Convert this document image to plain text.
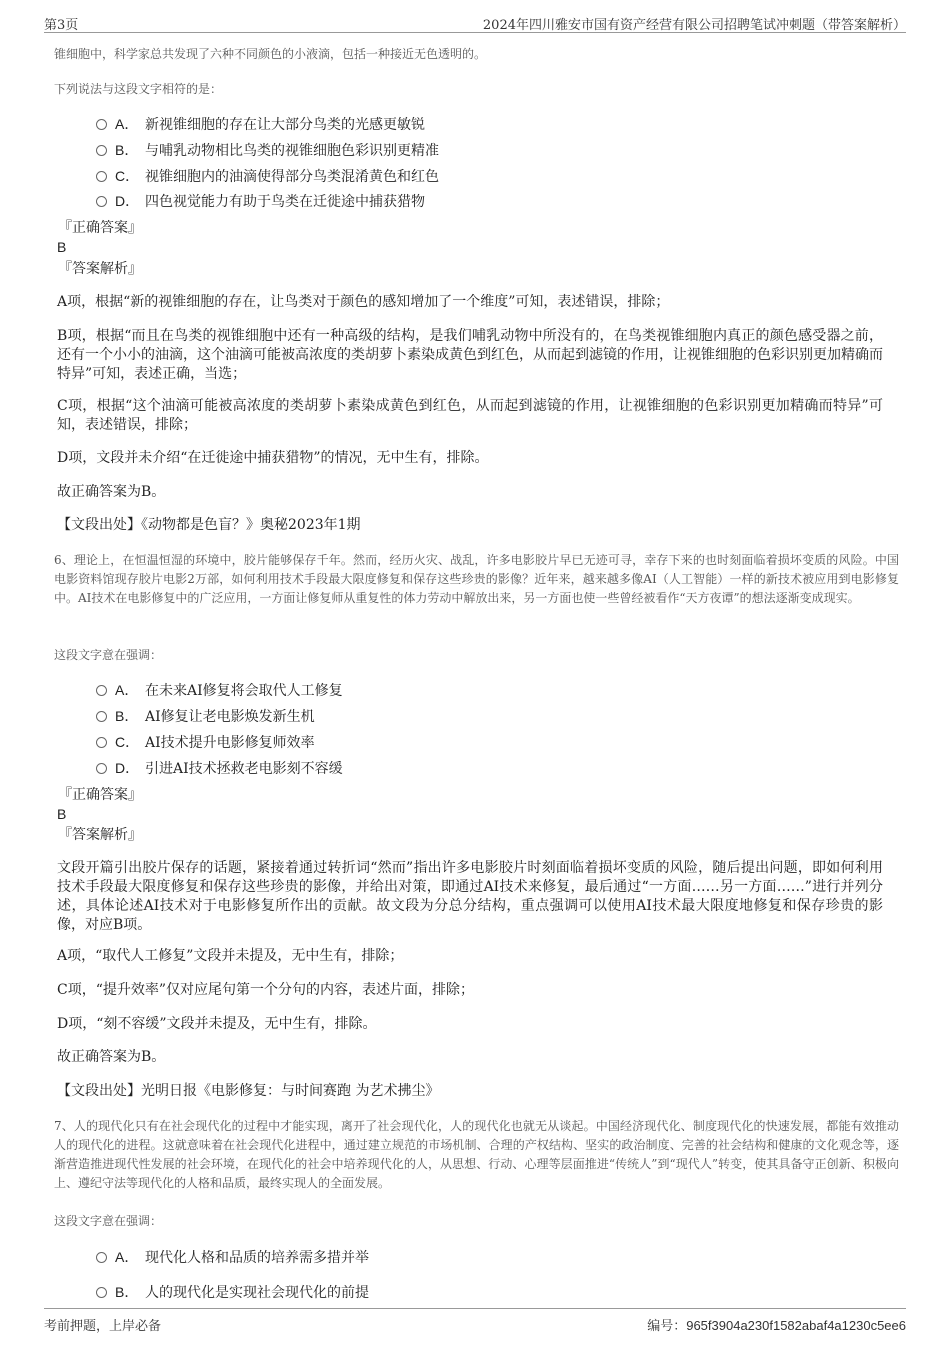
第3页	2024年四川雅安市国有资产经营有限公司招聘笔试冲刺题（带答案解析）
锥细胞中，科学家总共发现了六种不同颜色的小液滴，包括一种接近无色透明的。
下列说法与这段文字相符的是：
A． 新视锥细胞的存在让大部分鸟类的光感更敏锐
B． 与哺乳动物相比鸟类的视锥细胞色彩识别更精准
C． 视锥细胞内的油滴使得部分鸟类混淆黄色和红色
D． 四色视觉能力有助于鸟类在迁徙途中捕获猎物
『正确答案』
B
『答案解析』
A项，根据“新的视锥细胞的存在，让鸟类对于颜色的感知增加了一个维度”可知，表述错误，排除；
B项，根据“而且在鸟类的视锥细胞中还有一种高级的结构，是我们哺乳动物中所没有的，在鸟类视锥细胞内真正的颜色感受器之前，还有一个小小的油滴，这个油滴可能被高浓度的类胡萝卜素染成黄色到红色，从而起到滤镜的作用，让视锥细胞的色彩识别更加精确而特异”可知，表述正确，当选；
C项，根据“这个油滴可能被高浓度的类胡萝卜素染成黄色到红色，从而起到滤镜的作用，让视锥细胞的色彩识别更加精确而特异”可知，表述错误，排除；
D项，文段并未介绍“在迁徙途中捕获猎物”的情况，无中生有，排除。
故正确答案为B。
【文段出处】《动物都是色盲？》奥秘2023年1期
6、理论上，在恒温恒湿的环境中，胶片能够保存千年。然而，经历火灾、战乱，许多电影胶片早已无迹可寻，幸存下来的也时刻面临着损坏变质的风险。中国电影资料馆现存胶片电影2万部，如何利用技术手段最大限度修复和保存这些珍贵的影像？近年来，越来越多像AI（人工智能）一样的新技术被应用到电影修复中。AI技术在电影修复中的广泛应用，一方面让修复师从重复性的体力劳动中解放出来，另一方面也使一些曾经被看作“天方夜谭”的想法逐渐变成现实。
这段文字意在强调：
A． 在未来AI修复将会取代人工修复
B． AI修复让老电影焕发新生机
C． AI技术提升电影修复师效率
D． 引进AI技术拯救老电影刻不容缓
『正确答案』
B
『答案解析』
文段开篇引出胶片保存的话题，紧接着通过转折词“然而”指出许多电影胶片时刻面临着损坏变质的风险，随后提出问题，即如何利用技术手段最大限度修复和保存这些珍贵的影像，并给出对策，即通过AI技术来修复，最后通过“一方面……另一方面……”进行并列分述，具体论述AI技术对于电影修复所作出的贡献。故文段为分总分结构，重点强调可以使用AI技术最大限度地修复和保存珍贵的影像，对应B项。
A项，“取代人工修复”文段并未提及，无中生有，排除；
C项，“提升效率”仅对应尾句第一个分句的内容，表述片面，排除；
D项，“刻不容缓”文段并未提及，无中生有，排除。
故正确答案为B。
【文段出处】光明日报《电影修复：与时间赛跑 为艺术拂尘》
7、人的现代化只有在社会现代化的过程中才能实现，离开了社会现代化，人的现代化也就无从谈起。中国经济现代化、制度现代化的快速发展，都能有效推动人的现代化的进程。这就意味着在社会现代化进程中，通过建立规范的市场机制、合理的产权结构、坚实的政治制度、完善的社会结构和健康的文化观念等，逐渐营造推进现代性发展的社会环境，在现代化的社会中培养现代化的人，从思想、行动、心理等层面推进“传统人”到“现代人”转变，使其具备守正创新、积极向上、遵纪守法等现代化的人格和品质，最终实现人的全面发展。
这段文字意在强调：
A． 现代化人格和品质的培养需多措并举
B． 人的现代化是实现社会现代化的前提
考前押题，上岸必备	编号：965f3904a230f1582abaf4a1230c5ee6
